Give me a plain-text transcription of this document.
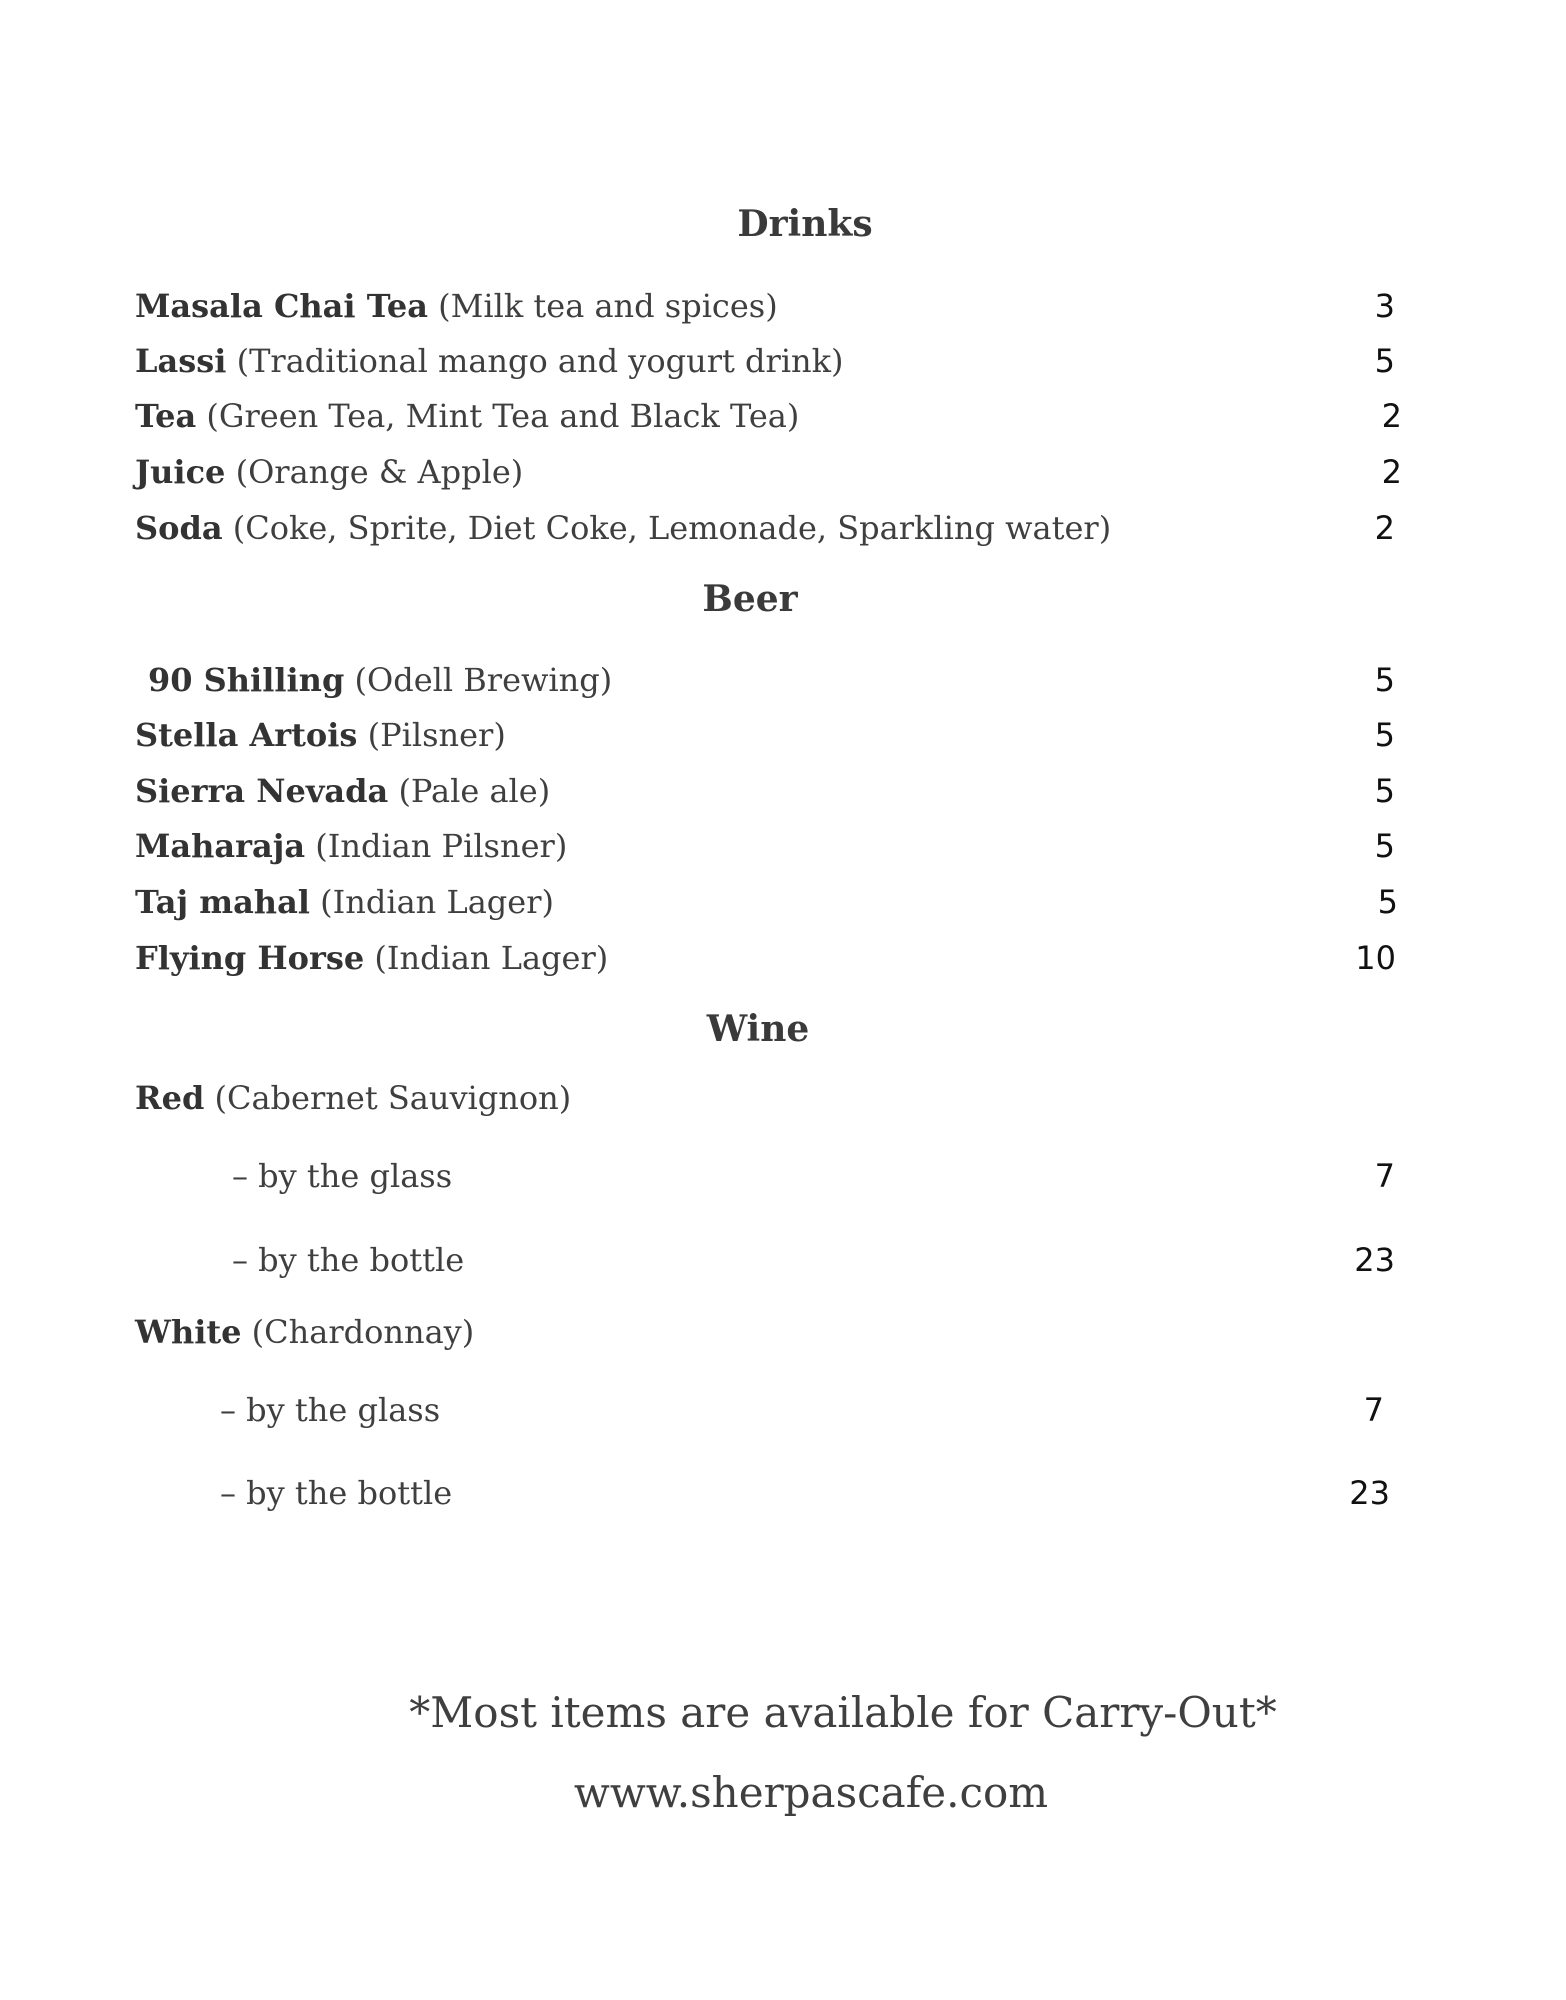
Drinks
Masala Chai Tea (Milk tea and spices)	3
Lassi (Traditional mango and yogurt drink)	5
Tea (Green Tea, Mint Tea and Black Tea)	2
Juice (Orange & Apple)	2
Soda (Coke, Sprite, Diet Coke, Lemonade, Sparkling water)	2
Beer
90 Shilling (Odell Brewing)	5
Stella Artois (Pilsner)	5
Sierra Nevada (Pale ale)	5
Maharaja (Indian Pilsner)	5
Taj mahal (Indian Lager)	5
Flying Horse (Indian Lager)	10
Wine
Red (Cabernet Sauvignon)
– by the glass	7
– by the bottle	23
White (Chardonnay)
– by the glass	7
– by the bottle	23
*Most items are available for Carry-Out*
www.sherpascafe.com
